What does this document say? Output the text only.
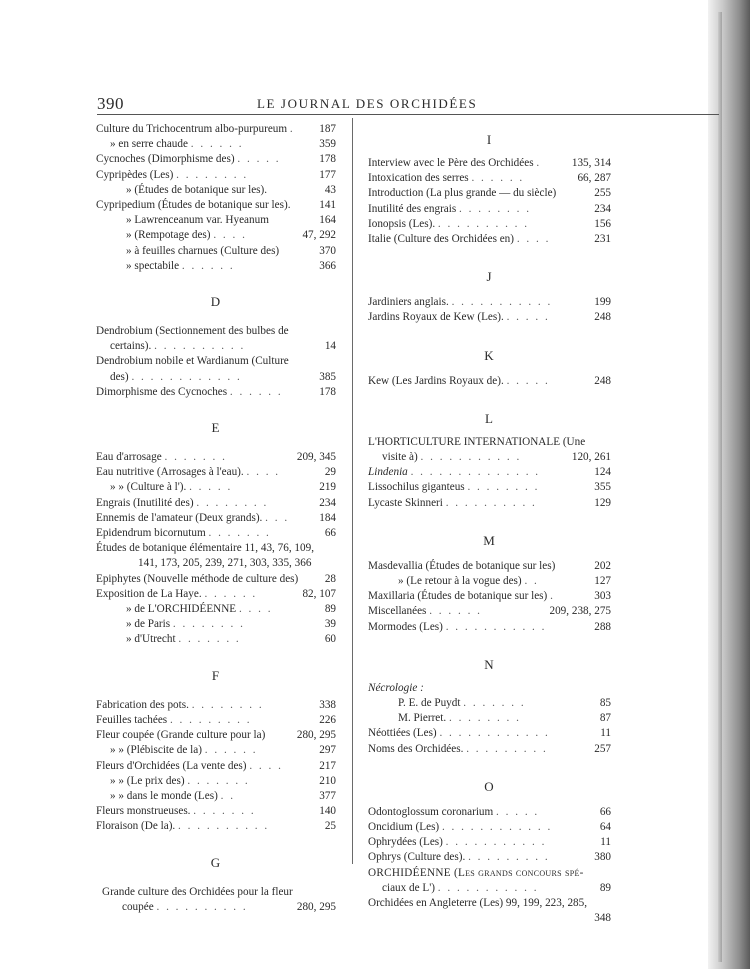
390	LE JOURNAL DES ORCHIDÉES

Culture du Trichocentrum albo-purpureum . 187

» en serre chaude . . . . . .	359

Cycnoches (Dimorphisme des) . . . . .	178

Cypripèdes (Les) . . . . . . . .	177

» (Études de botanique sur les).	43

Cypripedium (Études de botanique sur les).	141

» Lawrenceanum var. Hyeanum	164

» (Rempotage des) . . . .	47, 292

» à feuilles charnues (Culture des)	370

» spectabile . . . . . .	366

D

Dendrobium (Sectionnement des bulbes de
certains). . . . . . . . . . .	14

Dendrobium nobile et Wardianum (Culture
des) . . . . . . . . . . . .	385

Dimorphisme des Cycnoches . . . . . .	178

E

Eau d'arrosage . . . . . . .	209, 345

Eau nutritive (Arrosages à l'eau). . . . .	29

» » (Culture à l'). . . . . .	219

Engrais (Inutilité des) . . . . . . . .	234

Ennemis de l'amateur (Deux grands). . . .	184

Epidendrum bicornutum . . . . . . .	66

Études de botanique élémentaire 11, 43, 76, 109,
141, 173, 205, 239, 271, 303, 335, 366

Epiphytes (Nouvelle méthode de culture des) 28

Exposition de La Haye. . . . . . .	82, 107

» de L'ORCHIDÉENNE . . . .	89

» de Paris . . . . . . . .	39

» d'Utrecht . . . . . . .	60

F

Fabrication des pots. . . . . . . . .	338

Feuilles tachées . . . . . . . . .	226

Fleur coupée (Grande culture pour la)	280, 295

» » (Plébiscite de la) . . . . . .	297

Fleurs d'Orchidées (La vente des) . . . .	217

» » (Le prix des) . . . . . . .	210

» » dans le monde (Les) . .	377

Fleurs monstrueuses. . . . . . . .	140

Floraison (De la). . . . . . . . . . .	25

G

Grande culture des Orchidées pour la fleur
coupée . . . . . . . . . .	280, 295

I

Interview avec le Père des Orchidées .	135, 314

Intoxication des serres . . . . . .	66, 287

Introduction (La plus grande — du siècle)	255

Inutilité des engrais . . . . . . . .	234

Ionopsis (Les). . . . . . . . . . .	156

Italie (Culture des Orchidées en) . . . .	231

J

Jardiniers anglais. . . . . . . . . . . .	199

Jardins Royaux de Kew (Les). . . . . .	248

K

Kew (Les Jardins Royaux de). . . . . .	248

L

L'HORTICULTURE INTERNATIONALE (Une
visite à) . . . . . . . . . . .	120, 261

Lindenia . . . . . . . . . . . . . .	124

Lissochilus giganteus . . . . . . . .	355

Lycaste Skinneri . . . . . . . . . .	129

M

Masdevallia (Études de botanique sur les)	202

» (Le retour à la vogue des) . .	127

Maxillaria (Études de botanique sur les) .	303

Miscellanées . . . . . .	209, 238, 275

Mormodes (Les) . . . . . . . . . . .	288

N

Nécrologie :

P. E. de Puydt . . . . . . .	85

M. Pierret. . . . . . . . .	87

Néottiées (Les) . . . . . . . . . . . .	11

Noms des Orchidées. . . . . . . . . .	257

O

Odontoglossum coronarium . . . . .	66

Oncidium (Les) . . . . . . . . . . . .	64

Ophrydées (Les) . . . . . . . . . . .	11

Ophrys (Culture des). . . . . . . . . .	380

ORCHIDÉENNE (Les grands concours spé-
ciaux de L') . . . . . . . . . . .	89

Orchidées en Angleterre (Les) 99, 199, 223, 285,
348
